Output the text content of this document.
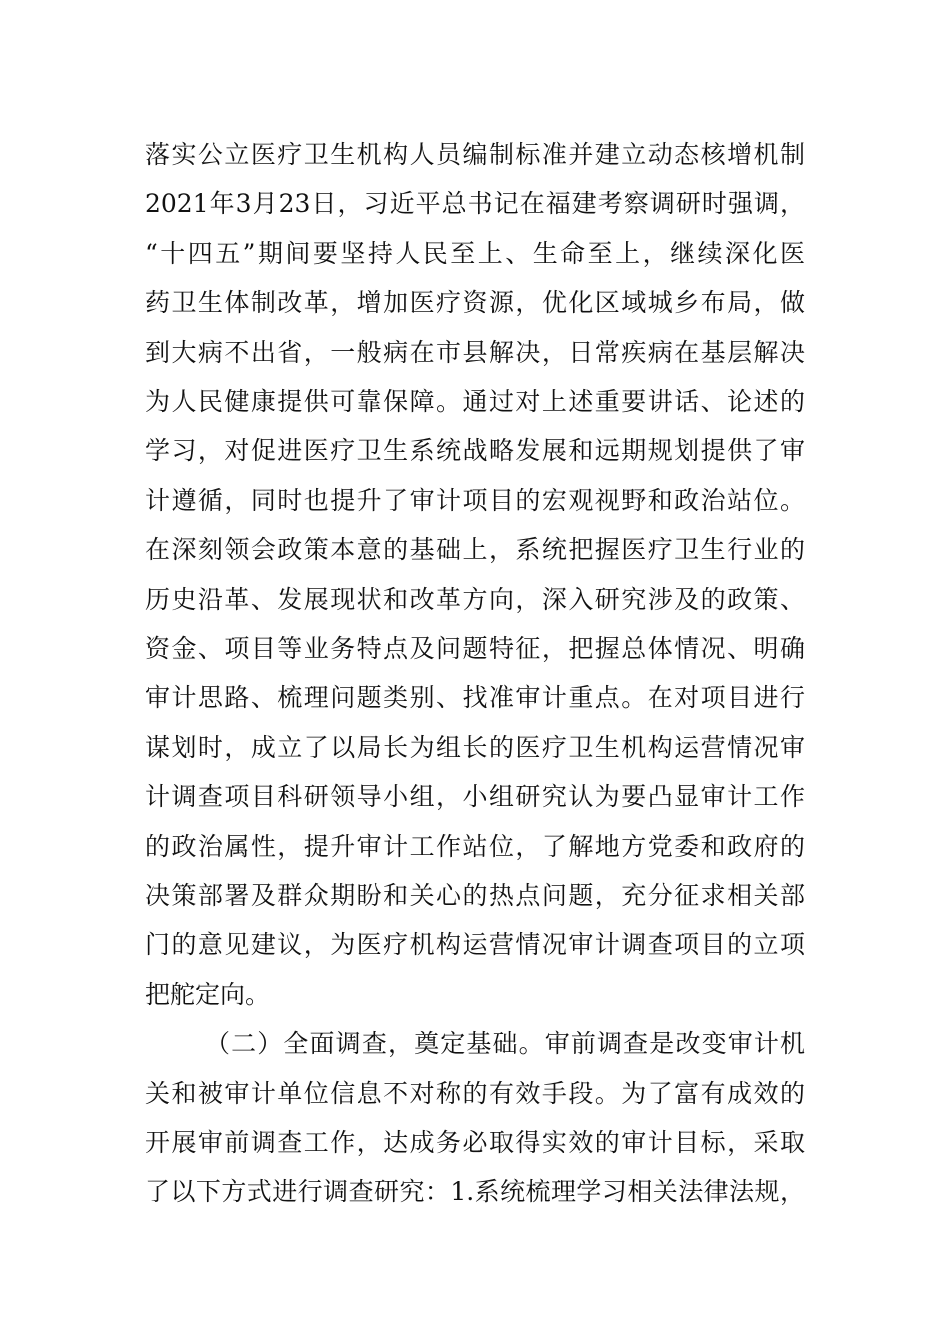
落实公立医疗卫生机构人员编制标准并建立动态核增机制
2021年3月23日，习近平总书记在福建考察调研时强调，
“十四五”期间要坚持人民至上、生命至上，继续深化医
药卫生体制改革，增加医疗资源，优化区域城乡布局，做
到大病不出省，一般病在市县解决，日常疾病在基层解决
为人民健康提供可靠保障。通过对上述重要讲话、论述的
学习，对促进医疗卫生系统战略发展和远期规划提供了审
计遵循，同时也提升了审计项目的宏观视野和政治站位。
在深刻领会政策本意的基础上，系统把握医疗卫生行业的
历史沿革、发展现状和改革方向，深入研究涉及的政策、
资金、项目等业务特点及问题特征，把握总体情况、明确
审计思路、梳理问题类别、找准审计重点。在对项目进行
谋划时，成立了以局长为组长的医疗卫生机构运营情况审
计调查项目科研领导小组，小组研究认为要凸显审计工作
的政治属性，提升审计工作站位，了解地方党委和政府的
决策部署及群众期盼和关心的热点问题，充分征求相关部
门的意见建议，为医疗机构运营情况审计调查项目的立项
把舵定向。
（二）全面调查，奠定基础。审前调查是改变审计机
关和被审计单位信息不对称的有效手段。为了富有成效的
开展审前调查工作，达成务必取得实效的审计目标，采取
了以下方式进行调查研究：1.系统梳理学习相关法律法规，
